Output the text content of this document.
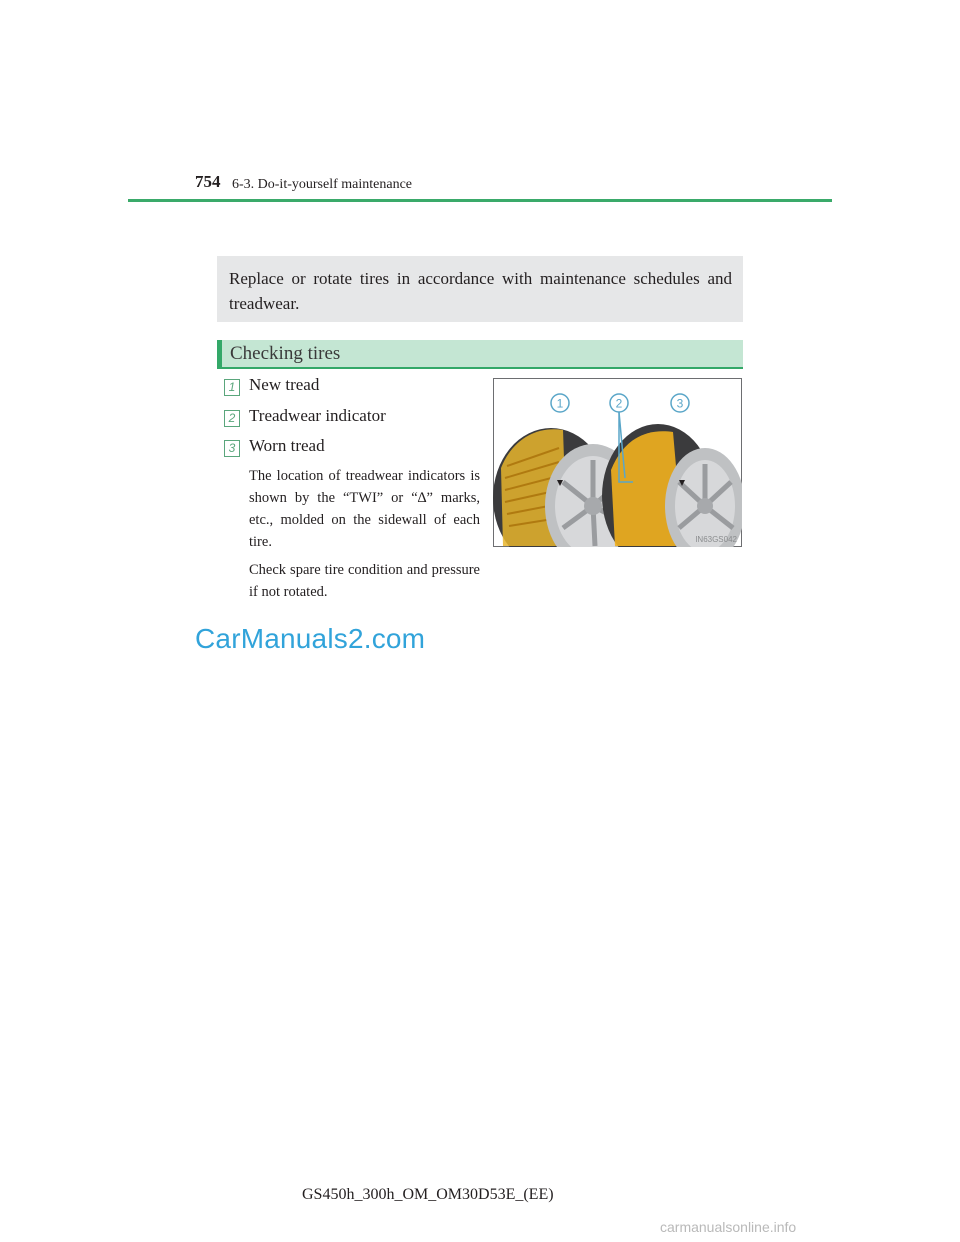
754 6-3. Do-it-yourself maintenance
Replace or rotate tires in accordance with maintenance schedules and treadwear.
Checking tires
1 New tread
2 Treadwear indicator
3 Worn tread

The location of treadwear indicators is shown by the “TWI” or “∆” marks, etc., molded on the sidewall of each tire.

Check spare tire condition and pressure if not rotated.

1	2	3
IN63GS042
CarManuals2.com
GS450h_300h_OM_OM30D53E_(EE)
carmanualsonline.info
